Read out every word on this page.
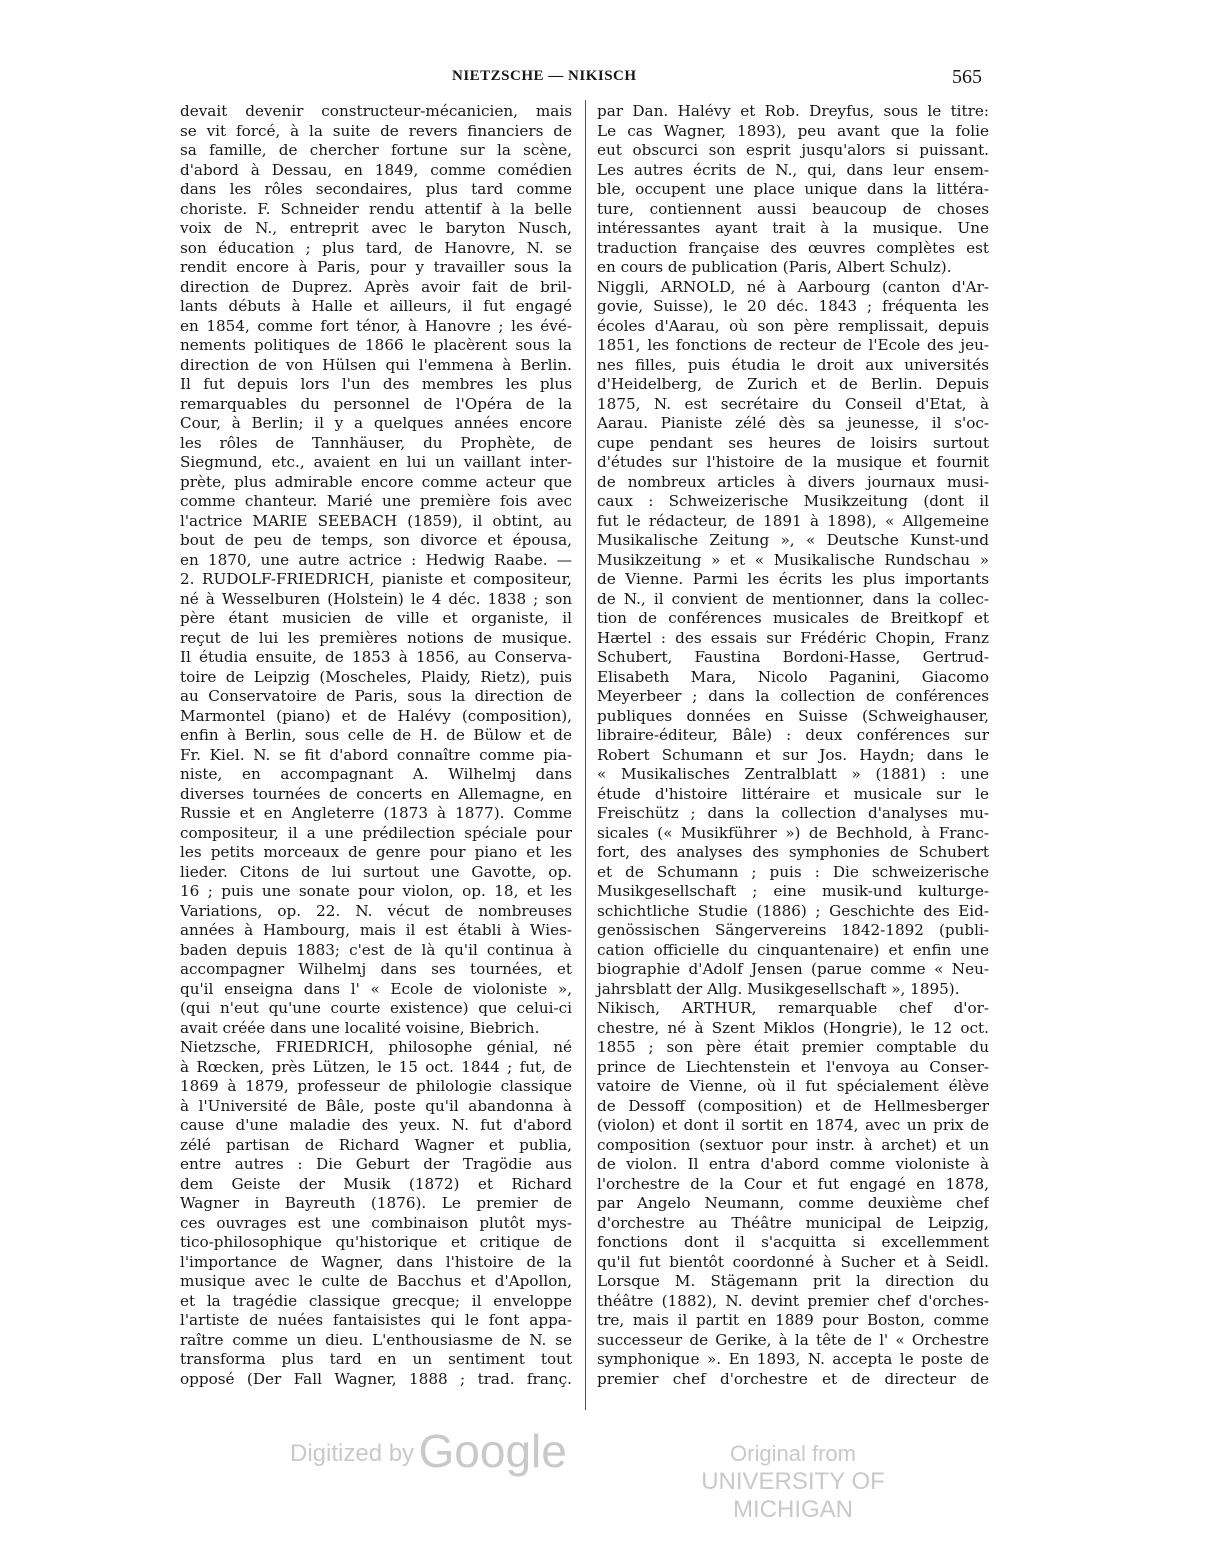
NIETZSCHE — NIKISCH	565
devait devenir constructeur-mécanicien, mais
se vit forcé, à la suite de revers financiers de
sa famille, de chercher fortune sur la scène,
d'abord à Dessau, en 1849, comme comédien
dans les rôles secondaires, plus tard comme
choriste. F. Schneider rendu attentif à la belle
voix de N., entreprit avec le baryton Nusch,
son éducation ; plus tard, de Hanovre, N. se
rendit encore à Paris, pour y travailler sous la
direction de Duprez. Après avoir fait de bril-
lants débuts à Halle et ailleurs, il fut engagé
en 1854, comme fort ténor, à Hanovre ; les évé-
nements politiques de 1866 le placèrent sous la
direction de von Hülsen qui l'emmena à Berlin.
Il fut depuis lors l'un des membres les plus
remarquables du personnel de l'Opéra de la
Cour, à Berlin; il y a quelques années encore
les rôles de Tannhäuser, du Prophète, de
Siegmund, etc., avaient en lui un vaillant inter-
prète, plus admirable encore comme acteur que
comme chanteur. Marié une première fois avec
l'actrice MARIE SEEBACH (1859), il obtint, au
bout de peu de temps, son divorce et épousa,
en 1870, une autre actrice : Hedwig Raabe. —
2. RUDOLF-FRIEDRICH, pianiste et compositeur,
né à Wesselburen (Holstein) le 4 déc. 1838 ; son
père étant musicien de ville et organiste, il
reçut de lui les premières notions de musique.
Il étudia ensuite, de 1853 à 1856, au Conserva-
toire de Leipzig (Moscheles, Plaidy, Rietz), puis
au Conservatoire de Paris, sous la direction de
Marmontel (piano) et de Halévy (composition),
enfin à Berlin, sous celle de H. de Bülow et de
Fr. Kiel. N. se fit d'abord connaître comme pia-
niste, en accompagnant A. Wilhelmj dans
diverses tournées de concerts en Allemagne, en
Russie et en Angleterre (1873 à 1877). Comme
compositeur, il a une prédilection spéciale pour
les petits morceaux de genre pour piano et les
lieder. Citons de lui surtout une Gavotte, op.
16 ; puis une sonate pour violon, op. 18, et les
Variations, op. 22. N. vécut de nombreuses
années à Hambourg, mais il est établi à Wies-
baden depuis 1883; c'est de là qu'il continua à
accompagner Wilhelmj dans ses tournées, et
qu'il enseigna dans l' « Ecole de violoniste »,
(qui n'eut qu'une courte existence) que celui-ci
avait créée dans une localité voisine, Biebrich.
Nietzsche, FRIEDRICH, philosophe génial, né
à Rœcken, près Lützen, le 15 oct. 1844 ; fut, de
1869 à 1879, professeur de philologie classique
à l'Université de Bâle, poste qu'il abandonna à
cause d'une maladie des yeux. N. fut d'abord
zélé partisan de Richard Wagner et publia,
entre autres : Die Geburt der Tragödie aus
dem Geiste der Musik (1872) et Richard
Wagner in Bayreuth (1876). Le premier de
ces ouvrages est une combinaison plutôt mys-
tico-philosophique qu'historique et critique de
l'importance de Wagner, dans l'histoire de la
musique avec le culte de Bacchus et d'Apollon,
et la tragédie classique grecque; il enveloppe
l'artiste de nuées fantaisistes qui le font appa-
raître comme un dieu. L'enthousiasme de N. se
transforma plus tard en un sentiment tout
opposé (Der Fall Wagner, 1888 ; trad. franç.
par Dan. Halévy et Rob. Dreyfus, sous le titre:
Le cas Wagner, 1893), peu avant que la folie
eut obscurci son esprit jusqu'alors si puissant.
Les autres écrits de N., qui, dans leur ensem-
ble, occupent une place unique dans la littéra-
ture, contiennent aussi beaucoup de choses
intéressantes ayant trait à la musique. Une
traduction française des œuvres complètes est
en cours de publication (Paris, Albert Schulz).
Niggli, ARNOLD, né à Aarbourg (canton d'Ar-
govie, Suisse), le 20 déc. 1843 ; fréquenta les
écoles d'Aarau, où son père remplissait, depuis
1851, les fonctions de recteur de l'Ecole des jeu-
nes filles, puis étudia le droit aux universités
d'Heidelberg, de Zurich et de Berlin. Depuis
1875, N. est secrétaire du Conseil d'Etat, à
Aarau. Pianiste zélé dès sa jeunesse, il s'oc-
cupe pendant ses heures de loisirs surtout
d'études sur l'histoire de la musique et fournit
de nombreux articles à divers journaux musi-
caux : Schweizerische Musikzeitung (dont il
fut le rédacteur, de 1891 à 1898), « Allgemeine
Musikalische Zeitung », « Deutsche Kunst-und
Musikzeitung » et « Musikalische Rundschau »
de Vienne. Parmi les écrits les plus importants
de N., il convient de mentionner, dans la collec-
tion de conférences musicales de Breitkopf et
Hærtel : des essais sur Frédéric Chopin, Franz
Schubert, Faustina Bordoni-Hasse, Gertrud-
Elisabeth Mara, Nicolo Paganini, Giacomo
Meyerbeer ; dans la collection de conférences
publiques données en Suisse (Schweighauser,
libraire-éditeur, Bâle) : deux conférences sur
Robert Schumann et sur Jos. Haydn; dans le
« Musikalisches Zentralblatt » (1881) : une
étude d'histoire littéraire et musicale sur le
Freischütz ; dans la collection d'analyses mu-
sicales (« Musikführer ») de Bechhold, à Franc-
fort, des analyses des symphonies de Schubert
et de Schumann ; puis : Die schweizerische
Musikgesellschaft ; eine musik-und kulturge-
schichtliche Studie (1886) ; Geschichte des Eid-
genössischen Sängervereins 1842-1892 (publi-
cation officielle du cinquantenaire) et enfin une
biographie d'Adolf Jensen (parue comme « Neu-
jahrsblatt der Allg. Musikgesellschaft », 1895).
Nikisch, ARTHUR, remarquable chef d'or-
chestre, né à Szent Miklos (Hongrie), le 12 oct.
1855 ; son père était premier comptable du
prince de Liechtenstein et l'envoya au Conser-
vatoire de Vienne, où il fut spécialement élève
de Dessoff (composition) et de Hellmesberger
(violon) et dont il sortit en 1874, avec un prix de
composition (sextuor pour instr. à archet) et un
de violon. Il entra d'abord comme violoniste à
l'orchestre de la Cour et fut engagé en 1878,
par Angelo Neumann, comme deuxième chef
d'orchestre au Théâtre municipal de Leipzig,
fonctions dont il s'acquitta si excellemment
qu'il fut bientôt coordonné à Sucher et à Seidl.
Lorsque M. Stägemann prit la direction du
théâtre (1882), N. devint premier chef d'orches-
tre, mais il partit en 1889 pour Boston, comme
successeur de Gerike, à la tête de l' « Orchestre
symphonique ». En 1893, N. accepta le poste de
premier chef d'orchestre et de directeur de
Digitized by Google	Original from
UNIVERSITY OF MICHIGAN
